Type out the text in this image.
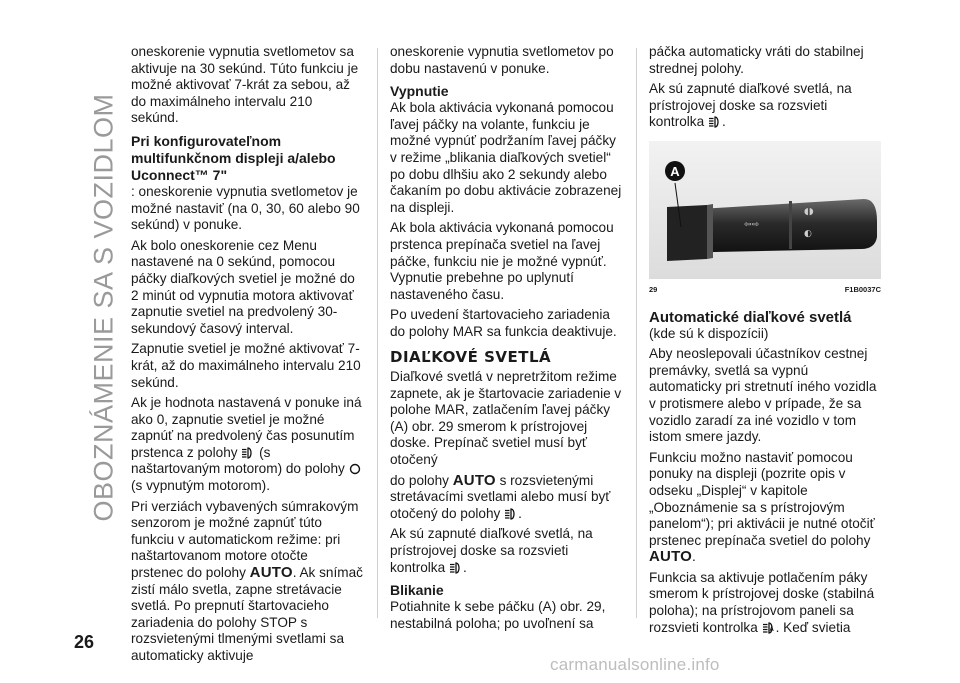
OBOZNÁMENIE SA S VOZIDLOM

oneskorenie vypnutia svetlometov sa aktivuje na 30 sekúnd. Túto funkciu je možné aktivovať 7-krát za sebou, až do maximálneho intervalu 210 sekúnd.

Pri konfigurovateľnom multifunkčnom displeji a/alebo Uconnect™ 7"

: oneskorenie vypnutia svetlometov je možné nastaviť (na 0, 30, 60 alebo 90 sekúnd) v ponuke.

Ak bolo oneskorenie cez Menu nastavené na 0 sekúnd, pomocou páčky diaľkových svetiel je možné do 2 minút od vypnutia motora aktivovať zapnutie svetiel na predvolený 30-sekundový časový interval.

Zapnutie svetiel je možné aktivovať 7-krát, až do maximálneho intervalu 210 sekúnd.

Ak je hodnota nastavená v ponuke iná ako 0, zapnutie svetiel je možné zapnúť na predvolený čas posunutím prstenca z polohy (s naštartovaným motorom) do polohy  (s vypnutým motorom).

Pri verziách vybavených súmrakovým senzorom je možné zapnúť túto funkciu v automatickom režime: pri naštartovanom motore otočte prstenec do polohy AUTO. Ak snímač zistí málo svetla, zapne stretávacie svetlá. Po prepnutí štartovacieho zariadenia do polohy STOP s rozsvietenými tlmenými svetlami sa automaticky aktivuje

oneskorenie vypnutia svetlometov po dobu nastavenú v ponuke.

Vypnutie

Ak bola aktivácia vykonaná pomocou ľavej páčky na volante, funkciu je možné vypnúť podržaním ľavej páčky v režime „blikania diaľkových svetiel“ po dobu dlhšiu ako 2 sekundy alebo čakaním po dobu aktivácie zobrazenej na displeji.

Ak bola aktivácia vykonaná pomocou prstenca prepínača svetiel na ľavej páčke, funkciu nie je možné vypnúť. Vypnutie prebehne po uplynutí nastaveného času.

Po uvedení štartovacieho zariadenia do polohy MAR sa funkcia deaktivuje.

DIAĽKOVÉ SVETLÁ

Diaľkové svetlá v nepretržitom režime zapnete, ak je štartovacie zariadenie v polohe MAR, zatlačením ľavej páčky (A) obr. 29 smerom k prístrojovej doske. Prepínač svetiel musí byť otočený

do polohy AUTO s rozsvietenými stretávacími svetlami alebo musí byť otočený do polohy .

Ak sú zapnuté diaľkové svetlá, na prístrojovej doske sa rozsvieti kontrolka .

Blikanie

Potiahnite k sebe páčku (A) obr. 29, nestabilná poloha; po uvoľnení sa

páčka automaticky vráti do stabilnej strednej polohy.

Ak sú zapnuté diaľkové svetlá, na prístrojovej doske sa rozsvieti kontrolka .

⇦⇨
◖◗
◐
A
29	F1B0037C
Automatické diaľkové svetlá

(kde sú k dispozícii)

Aby neoslepovali účastníkov cestnej premávky, svetlá sa vypnú automaticky pri stretnutí iného vozidla v protismere alebo v prípade, že sa vozidlo zaradí za iné vozidlo v tom istom smere jazdy.

Funkciu možno nastaviť pomocou ponuky na displeji (pozrite opis v odseku „Displej“ v kapitole „Oboznámenie sa s prístrojovým panelom“); pri aktivácii je nutné otočiť prstenec prepínača svetiel do polohy AUTO.

Funkcia sa aktivuje potlačením páky smerom k prístrojovej doske (stabilná poloha); na prístrojovom paneli sa rozsvieti kontrolka A . Keď svietia

26
carmanualsonline.info
